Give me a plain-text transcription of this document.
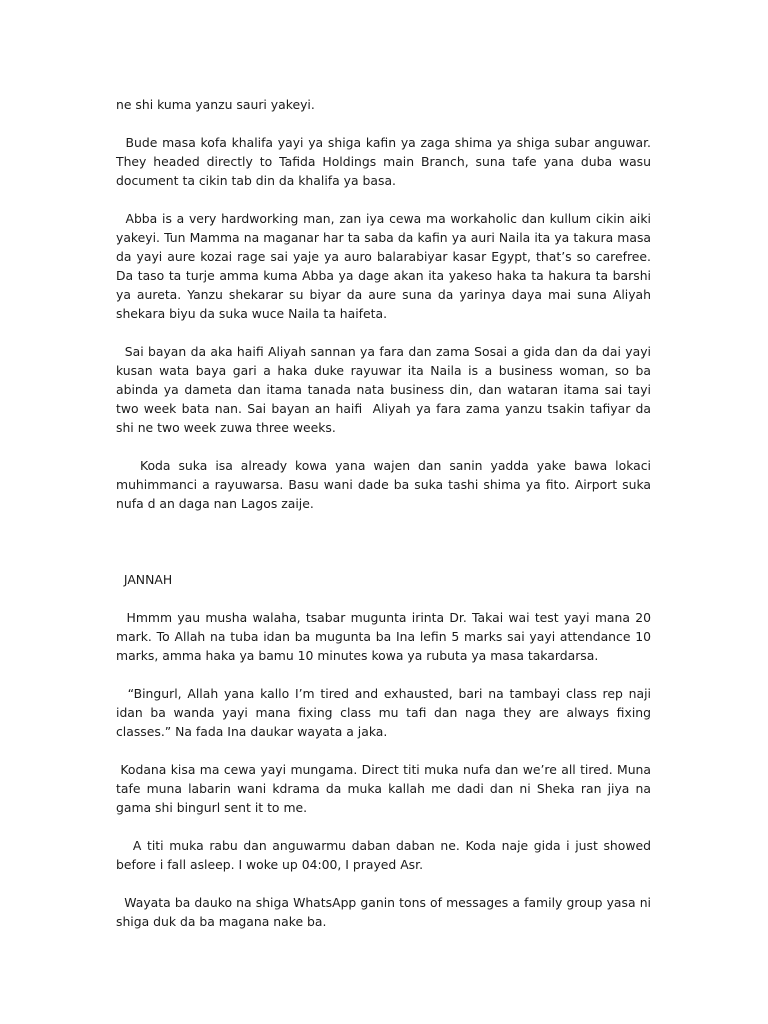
ne shi kuma yanzu sauri yakeyi.

Bude masa kofa khalifa yayi ya shiga kafin ya zaga shima ya shiga subar anguwar. They headed directly to Tafida Holdings main Branch, suna tafe yana duba wasu document ta cikin tab din da khalifa ya basa.

Abba is a very hardworking man, zan iya cewa ma workaholic dan kullum cikin aiki yakeyi. Tun Mamma na maganar har ta saba da kafin ya auri Naila ita ya takura masa da yayi aure kozai rage sai yaje ya auro balarabiyar kasar Egypt, that’s so carefree. Da taso ta turje amma kuma Abba ya dage akan ita yakeso haka ta hakura ta barshi ya aureta. Yanzu shekarar su biyar da aure suna da yarinya daya mai suna Aliyah shekara biyu da suka wuce Naila ta haifeta.

Sai bayan da aka haifi Aliyah sannan ya fara dan zama Sosai a gida dan da dai yayi kusan wata baya gari a haka duke rayuwar ita Naila is a business woman, so ba abinda ya dameta dan itama tanada nata business din, dan wataran itama sai tayi two week bata nan. Sai bayan an haifi  Aliyah ya fara zama yanzu tsakin tafiyar da shi ne two week zuwa three weeks.

Koda suka isa already kowa yana wajen dan sanin yadda yake bawa lokaci muhimmanci a rayuwarsa. Basu wani dade ba suka tashi shima ya fito. Airport suka nufa d an daga nan Lagos zaije.

JANNAH

Hmmm yau musha walaha, tsabar mugunta irinta Dr. Takai wai test yayi mana 20 mark. To Allah na tuba idan ba mugunta ba Ina lefin 5 marks sai yayi attendance 10 marks, amma haka ya bamu 10 minutes kowa ya rubuta ya masa takardarsa.

“Bingurl, Allah yana kallo I’m tired and exhausted, bari na tambayi class rep naji idan ba wanda yayi mana fixing class mu tafi dan naga they are always fixing classes.” Na fada Ina daukar wayata a jaka.

Kodana kisa ma cewa yayi mungama. Direct titi muka nufa dan we’re all tired. Muna tafe muna labarin wani kdrama da muka kallah me dadi dan ni Sheka ran jiya na gama shi bingurl sent it to me.

A titi muka rabu dan anguwarmu daban daban ne. Koda naje gida i just showed before i fall asleep. I woke up 04:00, I prayed Asr.

Wayata ba dauko na shiga WhatsApp ganin tons of messages a family group yasa ni shiga duk da ba magana nake ba.
